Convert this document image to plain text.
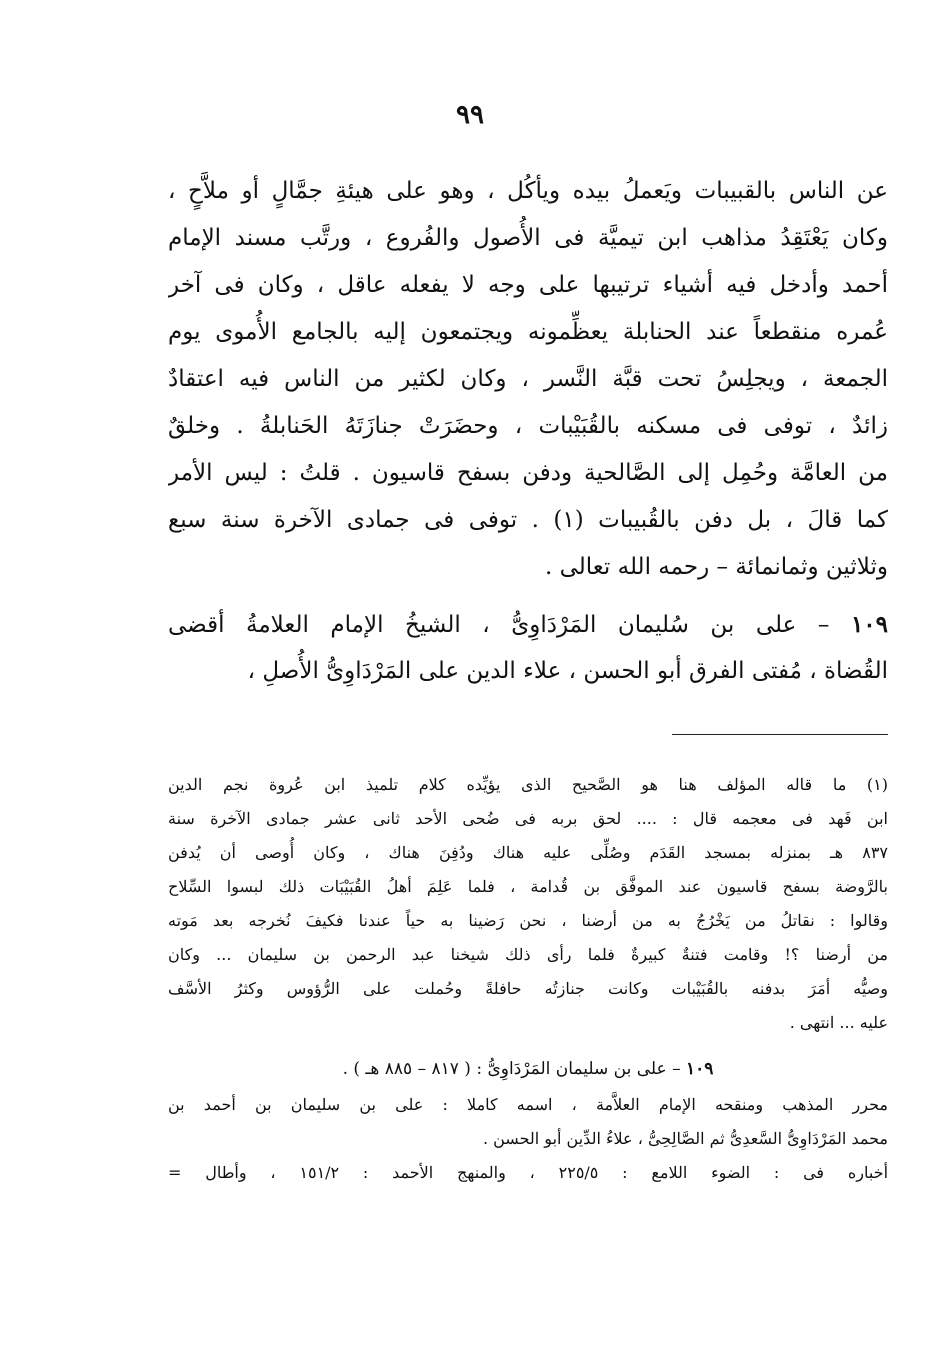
٩٩
عن الناس بالقبيبات ويَعملُ بيده ويأكُل ، وهو على هيئةِ جمَّالٍ أو ملاَّحٍ ،
وكان يَعْتَقِدُ مذاهب ابن تيميَّة فى الأُصول والفُروع ، ورتَّب مسند الإمام
أحمد وأدخل فيه أشياء ترتيبها على وجه لا يفعله عاقل ، وكان فى آخر
عُمره منقطعاً عند الحنابلة يعظِّمونه ويجتمعون إليه بالجامع الأُموى يوم
الجمعة ، ويجلِسُ تحت قبَّة النَّسر ، وكان لكثير من الناس فيه اعتقادٌ
زائدٌ ، توفى فى مسكنه بالقُبَيْبات ، وحضَرَتْ جنازَتَهُ الحَنابلةُ . وخلقٌ
من العامَّة وحُمِل إلى الصَّالحية ودفن بسفح قاسيون . قلتُ : ليس الأمر
كما قالَ ، بل دفن بالقُبيبات (١) . توفى فى جمادى الآخرة سنة سبع
وثلاثين وثمانمائة – رحمه الله تعالى .
١٠٩ – على بن سُليمان المَرْدَاوِىُّ ، الشيخُ الإمام العلامةُ أقضى
القُضاة ، مُفتى الفرق أبو الحسن ، علاء الدين على المَرْدَاوِىُّ الأُصلِ ،
(١) ما قاله المؤلف هنا هو الصَّحيح الذى يؤيِّده كلام تلميذ ابن عُروة نجم الدين
ابن فَهد فى معجمه قال : .... لحق بربه فى ضُحى الأحد ثانى عشر جمادى الآخرة سنة
٨٣٧ هـ بمنزله بمسجد القَدَم وصُلِّى عليه هناك ودُفِنَ هناك ، وكان أُوصى أن يُدفن
بالرَّوضة بسفح قاسيون عند الموفَّق بن قُدامة ، فلما عَلِمَ أهلُ القُبَيْبَات ذلك لبسوا السِّلاح
وقالوا : نقاتلُ من يَخْرُجُ به من أرضنا ، نحن رَضينا به حياً عندنا فكيفَ نُخرجه بعد مَوته
من أرضنا ؟! وقامت فتنةٌ كبيرةٌ فلما رأى ذلك شيخنا عبد الرحمن بن سليمان ... وكان
وصيُّه أمَرَ بدفنه بالقُبَيْبات وكانت جنازتُه حافلةً وحُملت على الرُّؤوس وكثرُ الأسَّف
عليه ... انتهى .
١٠٩ – على بن سليمان المَرْدَاوِىُّ : ( ٨١٧ – ٨٨٥ هـ ) .
محرر المذهب ومنقحه الإمام العلاَّمة ، اسمه كاملا : على بن سليمان بن أحمد بن
محمد المَرْدَاوِىُّ السَّعدِىُّ ثم الصَّالِحِىُّ ، علاءُ الدِّين أبو الحسن .
أخباره فى : الضوء اللامع : ٢٢٥/٥ ، والمنهج الأحمد : ١٥١/٢ ، وأطال =
